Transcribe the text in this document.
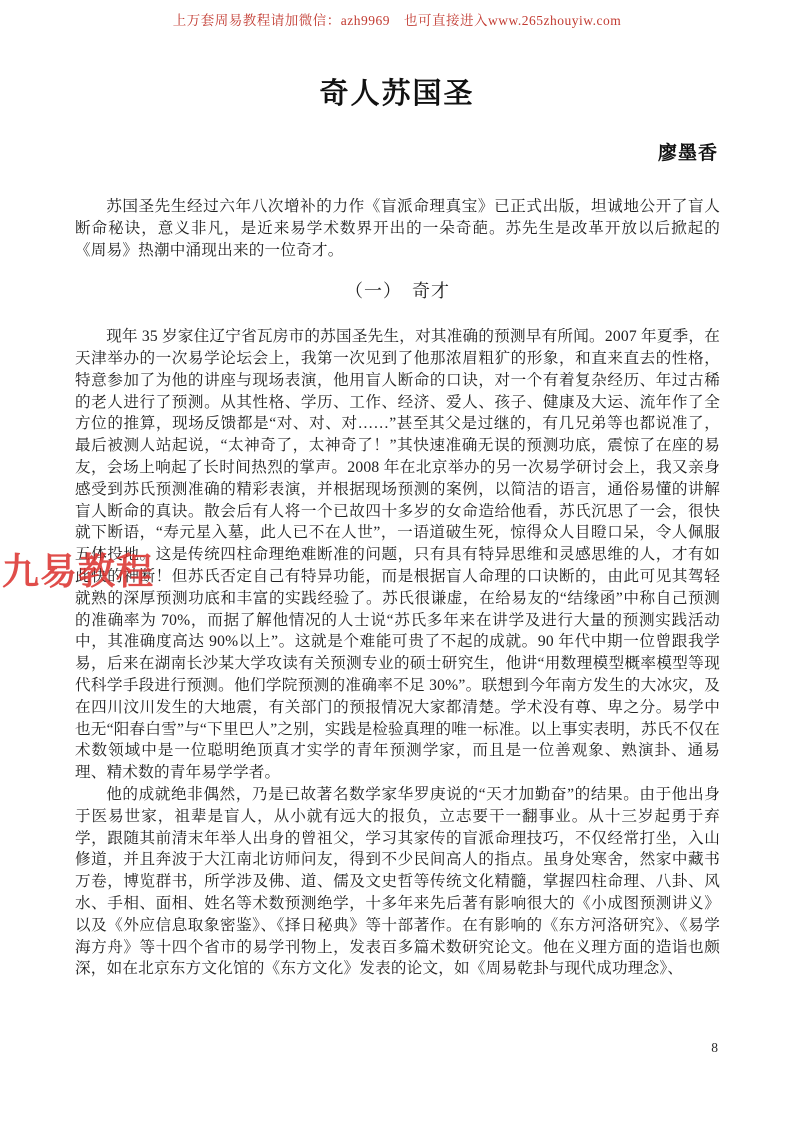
上万套周易教程请加微信：azh9969　也可直接进入www.265zhouyiw.com
奇人苏国圣
廖墨香

苏国圣先生经过六年八次增补的力作《盲派命理真宝》已正式出版，坦诚地公开了盲人断命秘诀，意义非凡，是近来易学术数界开出的一朵奇葩。苏先生是改革开放以后掀起的《周易》热潮中涌现出来的一位奇才。

（一）　奇才

现年 35 岁家住辽宁省瓦房市的苏国圣先生，对其准确的预测早有所闻。2007 年夏季，在天津举办的一次易学论坛会上，我第一次见到了他那浓眉粗犷的形象，和直来直去的性格，特意参加了为他的讲座与现场表演，他用盲人断命的口诀，对一个有着复杂经历、年过古稀的老人进行了预测。从其性格、学历、工作、经济、爱人、孩子、健康及大运、流年作了全方位的推算，现场反馈都是“对、对、对……”甚至其父是过继的，有几兄弟等也都说准了，最后被测人站起说，“太神奇了，太神奇了！”其快速准确无误的预测功底，震惊了在座的易友，会场上响起了长时间热烈的掌声。2008 年在北京举办的另一次易学研讨会上，我又亲身感受到苏氏预测准确的精彩表演，并根据现场预测的案例，以简洁的语言，通俗易懂的讲解盲人断命的真诀。散会后有人将一个已故四十多岁的女命造给他看，苏氏沉思了一会，很快就下断语，“寿元星入墓，此人已不在人世”，一语道破生死，惊得众人目瞪口呆，令人佩服五体投地。这是传统四柱命理绝难断准的问题，只有具有特异思维和灵感思维的人，才有如此快的神断！但苏氏否定自己有特异功能，而是根据盲人命理的口诀断的，由此可见其驾轻就熟的深厚预测功底和丰富的实践经验了。苏氏很谦虚，在给易友的“结缘函”中称自己预测的准确率为 70%，而据了解他情况的人士说“苏氏多年来在讲学及进行大量的预测实践活动中，其准确度高达 90%以上”。这就是个难能可贵了不起的成就。90 年代中期一位曾跟我学易，后来在湖南长沙某大学攻读有关预测专业的硕士研究生，他讲“用数理模型概率模型等现代科学手段进行预测。他们学院预测的准确率不足 30%”。联想到今年南方发生的大冰灾，及在四川汶川发生的大地震，有关部门的预报情况大家都清楚。学术没有尊、卑之分。易学中也无“阳春白雪”与“下里巴人”之别，实践是检验真理的唯一标准。以上事实表明，苏氏不仅在术数领域中是一位聪明绝顶真才实学的青年预测学家，而且是一位善观象、熟演卦、通易理、精术数的青年易学学者。

他的成就绝非偶然，乃是已故著名数学家华罗庚说的“天才加勤奋”的结果。由于他出身于医易世家，祖辈是盲人，从小就有远大的报负，立志要干一翻事业。从十三岁起勇于弃学，跟随其前清末年举人出身的曾祖父，学习其家传的盲派命理技巧，不仅经常打坐，入山修道，并且奔波于大江南北访师问友，得到不少民间高人的指点。虽身处寒舍，然家中藏书万卷，博览群书，所学涉及佛、道、儒及文史哲等传统文化精髓，掌握四柱命理、八卦、风水、手相、面相、姓名等术数预测绝学，十多年来先后著有影响很大的《小成图预测讲义》以及《外应信息取象密鉴》、《择日秘典》等十部著作。在有影响的《东方河洛研究》、《易学海方舟》等十四个省市的易学刊物上，发表百多篇术数研究论文。他在义理方面的造诣也颇深，如在北京东方文化馆的《东方文化》发表的论文，如《周易乾卦与现代成功理念》、

九易教程
8
